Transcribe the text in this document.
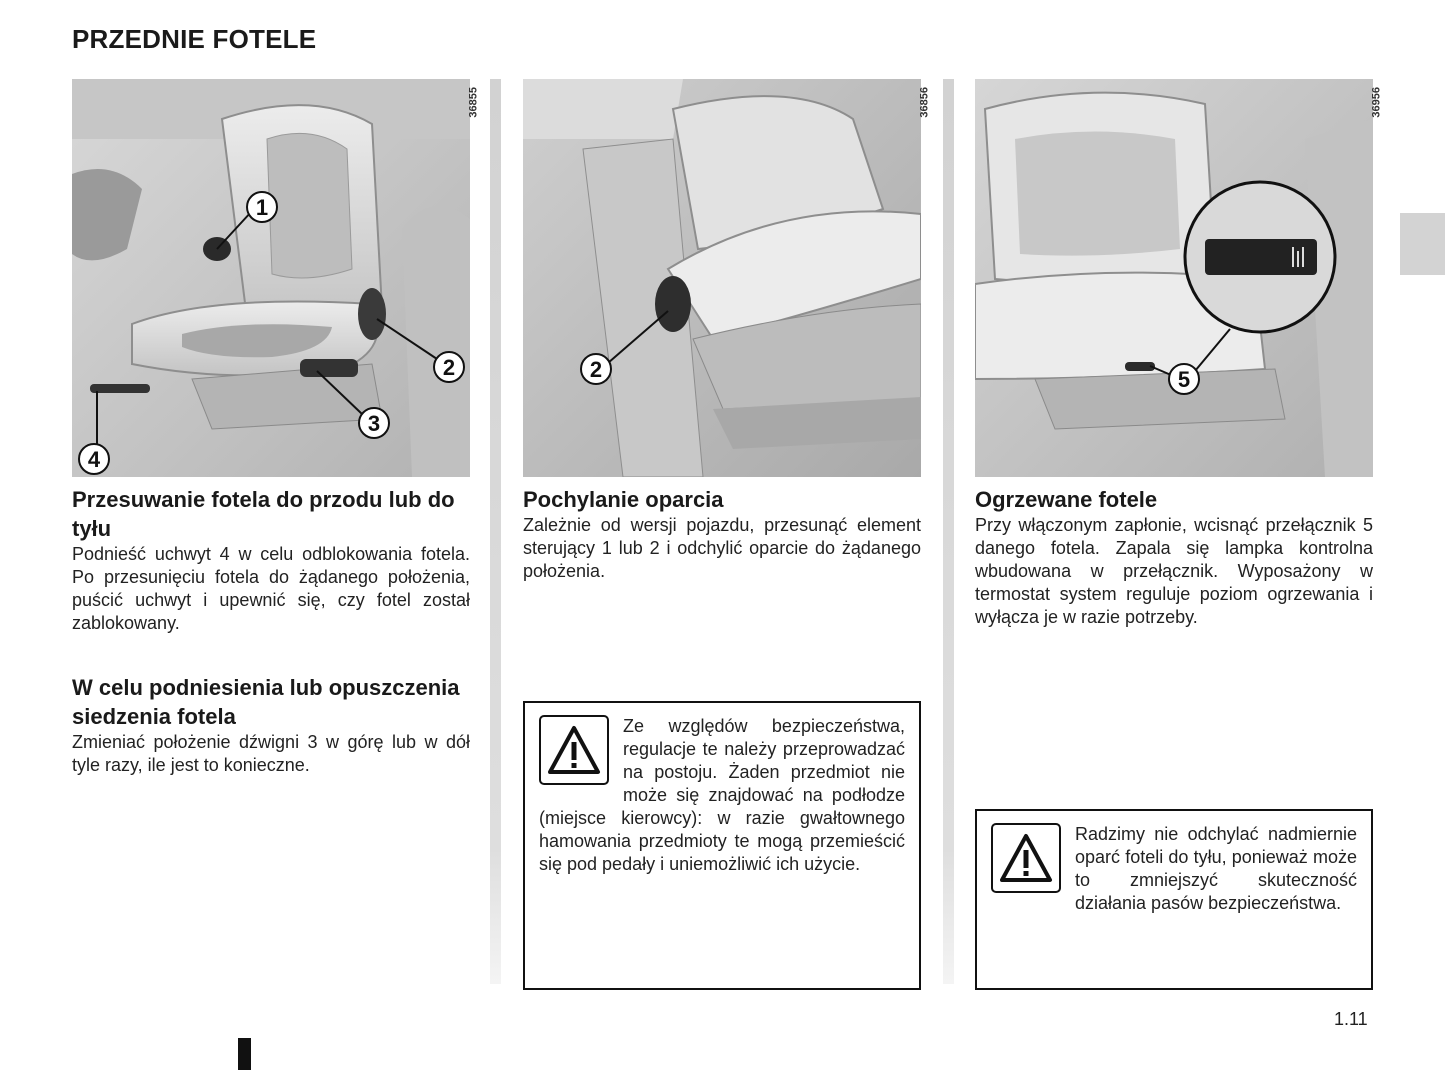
PRZEDNIE FOTELE
1
2
3
4
36855
Przesuwanie fotela do przodu lub do tyłu

Podnieść uchwyt 4 w celu odblokowania fotela. Po przesunięciu fotela do żądanego położenia, puścić uchwyt i upewnić się, czy fotel został zablokowany.

W celu podniesienia lub opuszczenia siedzenia fotela

Zmieniać położenie dźwigni 3 w górę lub w dół tyle razy, ile jest to konieczne.

2
36856
Pochylanie oparcia

Zależnie od wersji pojazdu, przesunąć element sterujący 1 lub 2 i odchylić oparcie do żądanego położenia.

Ze względów bezpieczeństwa, regulacje te należy przeprowadzać na postoju. Żaden przedmiot nie może się znajdować na podłodze (miejsce kierowcy): w razie gwałtownego hamowania przedmioty te mogą przemieścić się pod pedały i uniemożliwić ich użycie.
5
36956
Ogrzewane fotele

Przy włączonym zapłonie, wcisnąć przełącznik 5 danego fotela. Zapala się lampka kontrolna wbudowana w przełącznik. Wyposażony w termostat system reguluje poziom ogrzewania i wyłącza je w razie potrzeby.

Radzimy nie odchylać nadmiernie oparć foteli do tyłu, ponieważ może to zmniejszyć skuteczność działania pasów bezpieczeństwa.
1.11
